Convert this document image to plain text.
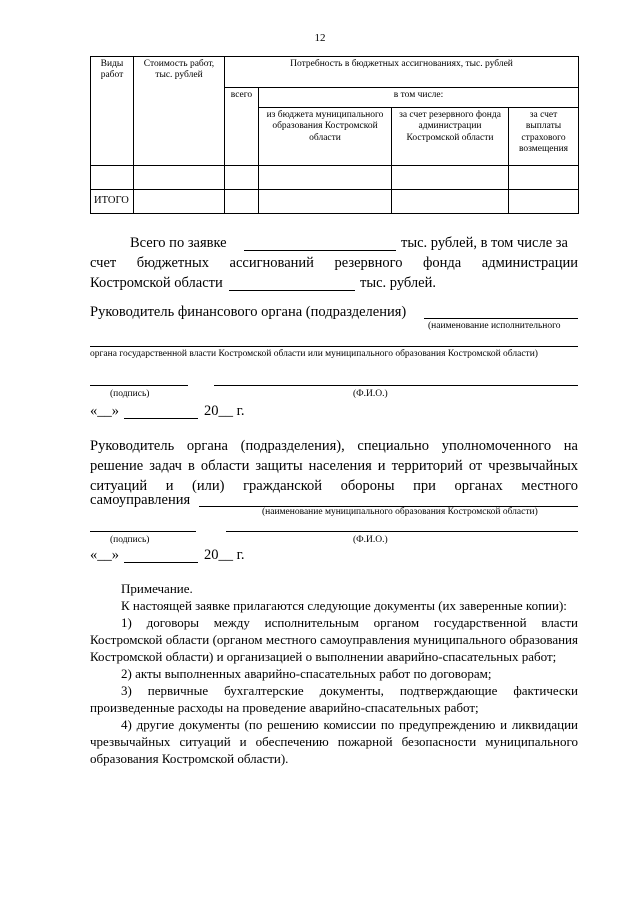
12
Виды работ	Стоимость работ, тыс. рублей	Потребность в бюджетных ассигнованиях, тыс. рублей			
		всего	в том числе:		
			из бюджета муниципального образования Костромской области	за счет резервного фонда администрации Костромской области	за счет выплаты страхового возмещения

ИТОГО					
Всего по заявке	тыс. рублей, в том числе за
счет бюджетных ассигнований резервного фонда администрации
Костромской области	тыс. рублей.
Руководитель финансового органа (подразделения)
(наименование исполнительного
органа государственной власти Костромской области или муниципального образования Костромской области)
(подпись)	(Ф.И.О.)
«__»	20__ г.
Руководитель органа (подразделения), специально уполномоченного на
решение задач в области защиты населения и территорий от чрезвычайных
ситуаций и (или) гражданской обороны при органах местного
самоуправления
(наименование муниципального образования Костромской области)
(подпись)	(Ф.И.О.)
«__»	20__ г.
Примечание.
К настоящей заявке прилагаются следующие документы (их заверенные копии):
1) договоры между исполнительным органом государственной власти
Костромской области (органом местного самоуправления муниципального образования
Костромской области) и организацией о выполнении аварийно-спасательных работ;
2) акты выполненных аварийно-спасательных работ по договорам;
3) первичные бухгалтерские документы, подтверждающие фактически
произведенные расходы на проведение аварийно-спасательных работ;
4) другие документы (по решению комиссии по предупреждению и ликвидации
чрезвычайных ситуаций и обеспечению пожарной безопасности муниципального
образования Костромской области).
